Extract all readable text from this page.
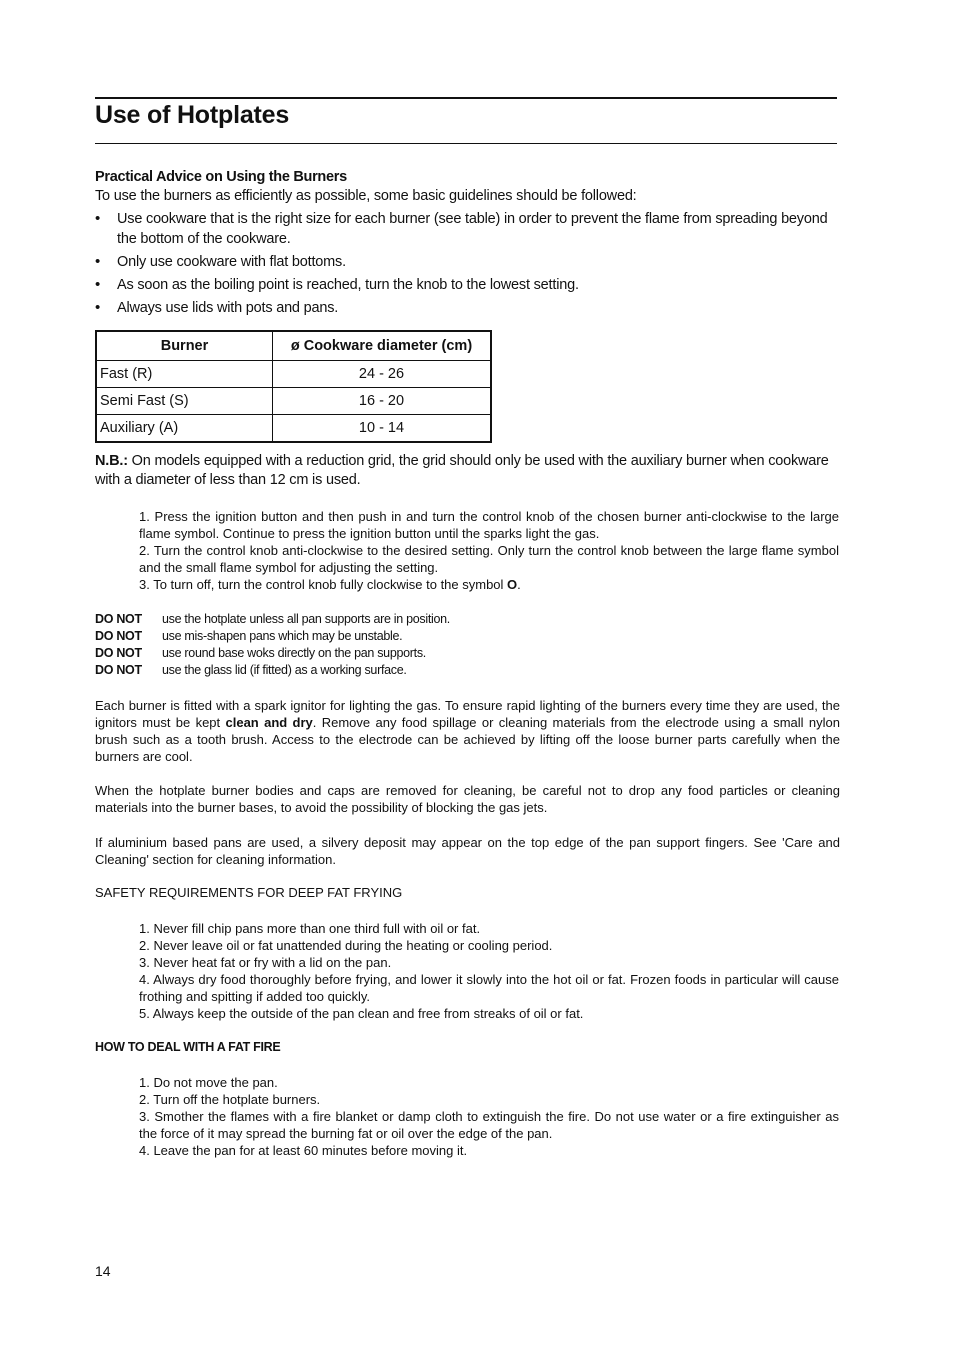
Use of Hotplates
Practical Advice on Using the Burners
To use the burners as efficiently as possible, some basic guidelines should be followed:
• Use cookware that is the right size for each burner (see table) in order to prevent the flame from spreading beyond the bottom of the cookware.
• Only use cookware with flat bottoms.
• As soon as the boiling point is reached, turn the knob to the lowest setting.
• Always use lids with pots and pans.
Burner	ø Cookware diameter (cm)
Fast (R)	24 - 26
Semi Fast (S)	16 - 20
Auxiliary (A)	10 - 14
N.B.: On models equipped with a reduction grid, the grid should only be used with the auxiliary burner when cookware with a diameter of less than 12 cm is used.
1. Press the ignition button and then push in and turn the control knob of the chosen burner anti-clockwise to the large flame symbol. Continue to press the ignition button until the sparks light the gas.
2. Turn the control knob anti-clockwise to the desired setting. Only turn the control knob between the large flame symbol and the small flame symbol for adjusting the setting.
3. To turn off, turn the control knob fully clockwise to the symbol O.
DO NOT	use the hotplate unless all pan supports are in position.
DO NOT	use mis-shapen pans which may be unstable.
DO NOT	use round base woks directly on the pan supports.
DO NOT	use the glass lid (if fitted) as a working surface.
Each burner is fitted with a spark ignitor for lighting the gas. To ensure rapid lighting of the burners every time they are used, the ignitors must be kept clean and dry. Remove any food spillage or cleaning materials from the electrode using a small nylon brush such as a tooth brush. Access to the electrode can be achieved by lifting off the loose burner parts carefully when the burners are cool.
When the hotplate burner bodies and caps are removed for cleaning, be careful not to drop any food particles or cleaning materials into the burner bases, to avoid the possibility of blocking the gas jets.
If aluminium based pans are used, a silvery deposit may appear on the top edge of the pan support fingers. See 'Care and Cleaning' section for cleaning information.
SAFETY REQUIREMENTS FOR DEEP FAT FRYING
1. Never fill chip pans more than one third full with oil or fat.
2. Never leave oil or fat unattended during the heating or cooling period.
3. Never heat fat or fry with a lid on the pan.
4. Always dry food thoroughly before frying, and lower it slowly into the hot oil or fat. Frozen foods in particular will cause frothing and spitting if added too quickly.
5. Always keep the outside of the pan clean and free from streaks of oil or fat.
HOW TO DEAL WITH A FAT FIRE
1. Do not move the pan.
2. Turn off the hotplate burners.
3. Smother the flames with a fire blanket or damp cloth to extinguish the fire. Do not use water or a fire extinguisher as the force of it may spread the burning fat or oil over the edge of the pan.
4. Leave the pan for at least 60 minutes before moving it.
14
